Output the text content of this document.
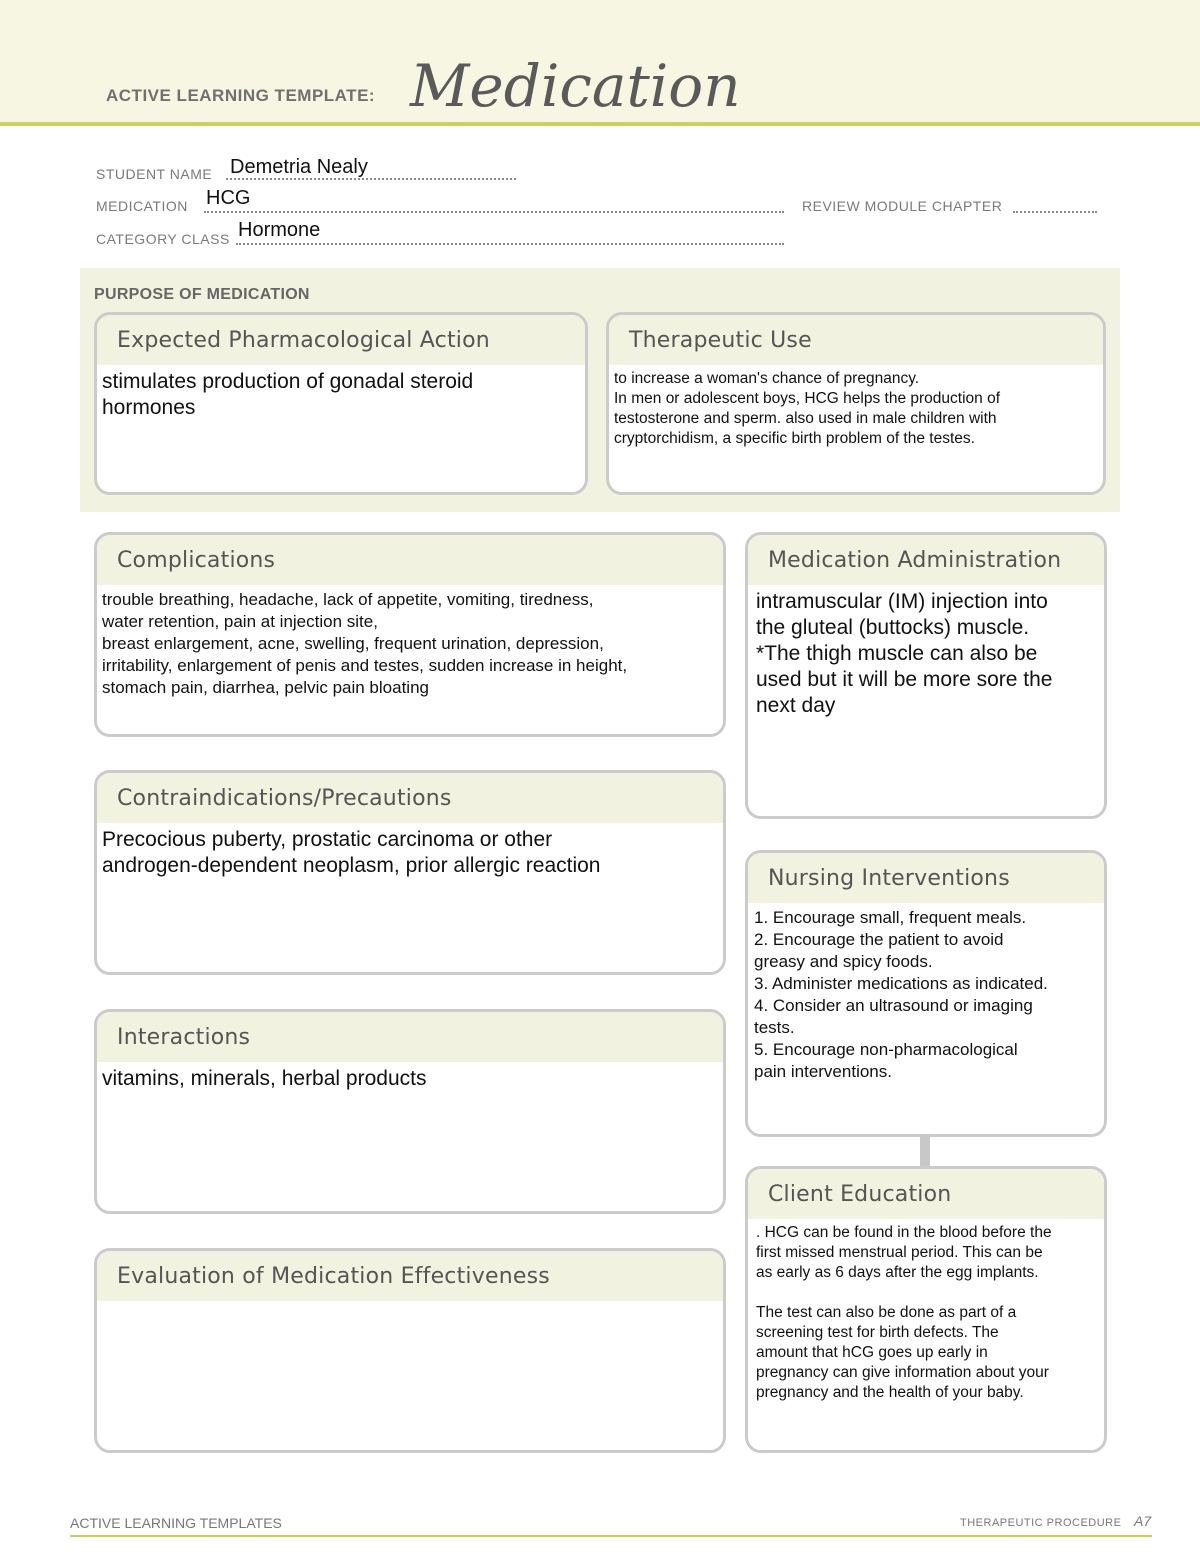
ACTIVE LEARNING TEMPLATE: Medication
STUDENT NAME Demetria Nealy
MEDICATION HCG	REVIEW MODULE CHAPTER
CATEGORY CLASS Hormone
PURPOSE OF MEDICATION
Expected Pharmacological Action
stimulates production of gonadal steroid
hormones
Therapeutic Use
to increase a woman's chance of pregnancy.
In men or adolescent boys, HCG helps the production of
testosterone and sperm. also used in male children with
cryptorchidism, a specific birth problem of the testes.
Complications
trouble breathing, headache, lack of appetite, vomiting, tiredness,
water retention, pain at injection site,
breast enlargement, acne, swelling, frequent urination, depression,
irritability, enlargement of penis and testes, sudden increase in height,
stomach pain, diarrhea, pelvic pain bloating
Contraindications/Precautions
Precocious puberty, prostatic carcinoma or other
androgen-dependent neoplasm, prior allergic reaction
Interactions
vitamins, minerals, herbal products
Evaluation of Medication Effectiveness
Medication Administration
intramuscular (IM) injection into
the gluteal (buttocks) muscle.
*The thigh muscle can also be
used but it will be more sore the
next day
Nursing Interventions
1. Encourage small, frequent meals.
2. Encourage the patient to avoid
greasy and spicy foods.
3. Administer medications as indicated.
4. Consider an ultrasound or imaging
tests.
5. Encourage non-pharmacological
pain interventions.
Client Education
. HCG can be found in the blood before the
first missed menstrual period. This can be
as early as 6 days after the egg implants.

The test can also be done as part of a
screening test for birth defects. The
amount that hCG goes up early in
pregnancy can give information about your
pregnancy and the health of your baby.
ACTIVE LEARNING TEMPLATES	THERAPEUTIC PROCEDURE A7
